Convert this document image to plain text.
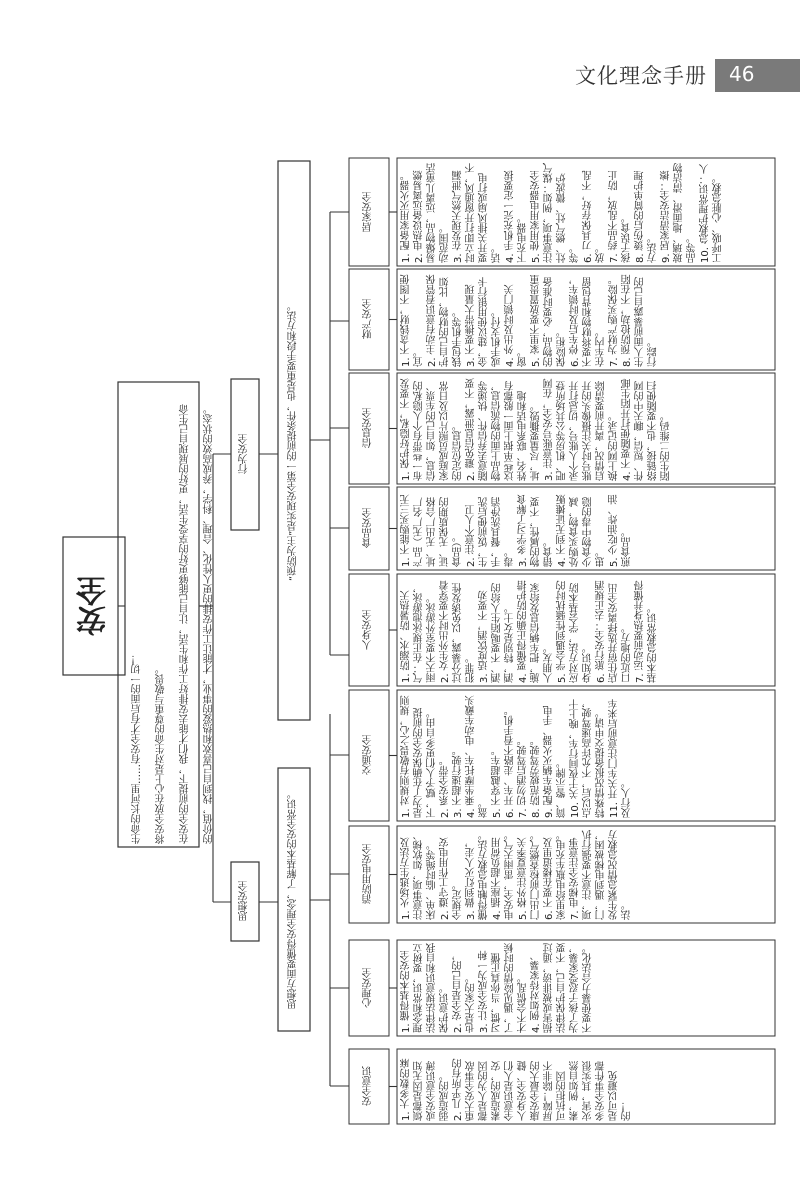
文化理念手册 46
安全

生命的长河里……有安全才有后面的一切！ 将安全放在心上是对生命的尊重与敬畏。 在安全的前提下，我们才能去安排好工作和生活，让自己能够更好的享受生活，更好的展现自己生命 的价值，找到自己喜欢和热爱的事业，才能让工作安排的更人性化、合理、科学，养成高效的状态。

思想安全
行为安全
思想方面要懂得安全理念，了解基本的安全常识。
“预防为主”是实现安全第一的前提条件，也是重要手段和方法。
安全意识
1. 大多数的麻烦都是因无知或安全意识薄弱造成的。
2. 几乎所有的重大安全事故都是人为的因素造成的，安全意识是人们人身安全、健康安全最大的屏障！除非不可抗拒的因素，例如自然灾害，其实很多安全事件都是可以避免的！
心理安全
1. 懂得基本的安全理念和常识，要树立法律法规意识和自我保护意识。
2. 安全是自己的，也是大家的。
3. 让安全成为一种习惯，当你真正懂了，遇见险情的时候才不会慌乱。
4. 例如对待家暴、损害或被诽谤，通过法律保护自己，不要为了孩子忍受家暴，不要使暴力合法化。
消防用电安全
1. 火场逃生方法及注意事项，如软梯、床单、临时绳等。
2. 遵守工作用电安全规定。
3. 做到灯灭人走，懂得触电急救方法。
4. 插座不超负荷用电安全，雷雨天气。
5. 格外注意夏季关门出门前检查燃气。
6. 不要在楼道里及家里给电瓶车充电。
7. 电梯安全注意事项，注意不要强行扒门，遇到电梯被困，发生紧急情况急救方法。
交通安全
1. 对规则有敬畏之心，规则是为了在确保安全的前提下，赋予人们更多自由。
2. 系安全带。
3. 不超速行驶。
4. 乘坐摩托车、电动车戴头盔。
5. 不穿越超车。
6. 开车、走路不看手机。
7. 切勿酒后驾驶。
8. 防范疲劳驾驶。
9. 配备车辆灭火器、手电筒、警示牌。
10. 关于夜间行车，晚上十点以后，不允许高速驾驶，特殊情况报备提交申请。
11. 开关车门注意前后来车及行人。
人身安全
1. 防溺水、防暑热天气：在正规泳池游泳，雨天不要室外游泳。
2. 女生外出时不要穿着过分暴露，以免诱发性犯罪。
3. 适度饮酒，不要劝酒、不要喝陌生人给的酒，特别是女士。
4. 要懂得正确的防护措施，把车辆信息发给家人朋友。
5. 学会遇到性骚扰时的应对方法，学会基本防身知识。
6. 旅行安全：去正规酒店住宿并选择离安全出口近的地方。
7. 运动前要热身并懂得基本的急救常识。
食品安全
1. 不能购买三无产品（无厂名厂址、无出厂合格证、无保质期的食品）。
2. 注意个人卫生，饭前便后洗手，餐具洗净消毒。
3. 多学习了解食物的属性，不要错食。
4. 不到无证摊贩处购买食物，减少食物中毒的隐患。
5. 少吃油炸、油煎食品。
信息安全
1. 保护好隐私，不要发布一些带有个人隐私的信息，如自己的车票、家庭成员照片以及日常的定位信息。
2. 避免信息泄露，不要随意丢弃信件、快递等物品上面的物流信息，这些单据上面一般都有姓名、联系电话和地址，尽量要撕毁。
3. 注意账号安全，在网吧、机房等公共场所登录个人账号，切忌打开账号时关注摄像头的开启情况，离开前要清除换上网的记录。
4. 不要随便打开陌生邮件、短信，聊天中的网络链接，也不要随便扫陌生的二维码。
财产安全
1. 不贪钱财，不图便宜。
2. 主动有意识看管保护自己的财物，比如钱包手机等。
3. 不要携带大量现金，建议使用银行卡或手机支付。
4. 外出及时锁门关窗。
5. 家里不要放置贵重的物品，必要时准备保险柜。
6. 停车后及时锁车，不要将财物和背包留在车内。
7. 为财产购买保险。
8. 预防抢劫，不在陌生人面前暴露自己的行踪。
居家安全
1. 配备家用灭火器。
2. 电热设备远离易燃易爆物品，远离儿童活动范围。
3. 在发现天然气泄漏时立即打开窗通风，不要开关排风扇或打电话。
4. 手机充完一定要拔下充电器。
5. 使用家用电器安全注意事项，例如：煤气灶、燃气灶、微波炉等。
6. 刀具保存好，不乱放。
7. 药品不乱放，防止孩子误食。
8. 烫伤后的简单护理方法。
9. 居家清洁安全：擦玻璃、地面滑、清洁物品等。
10. 急救护理常识：人工呼吸、心脏急救。
